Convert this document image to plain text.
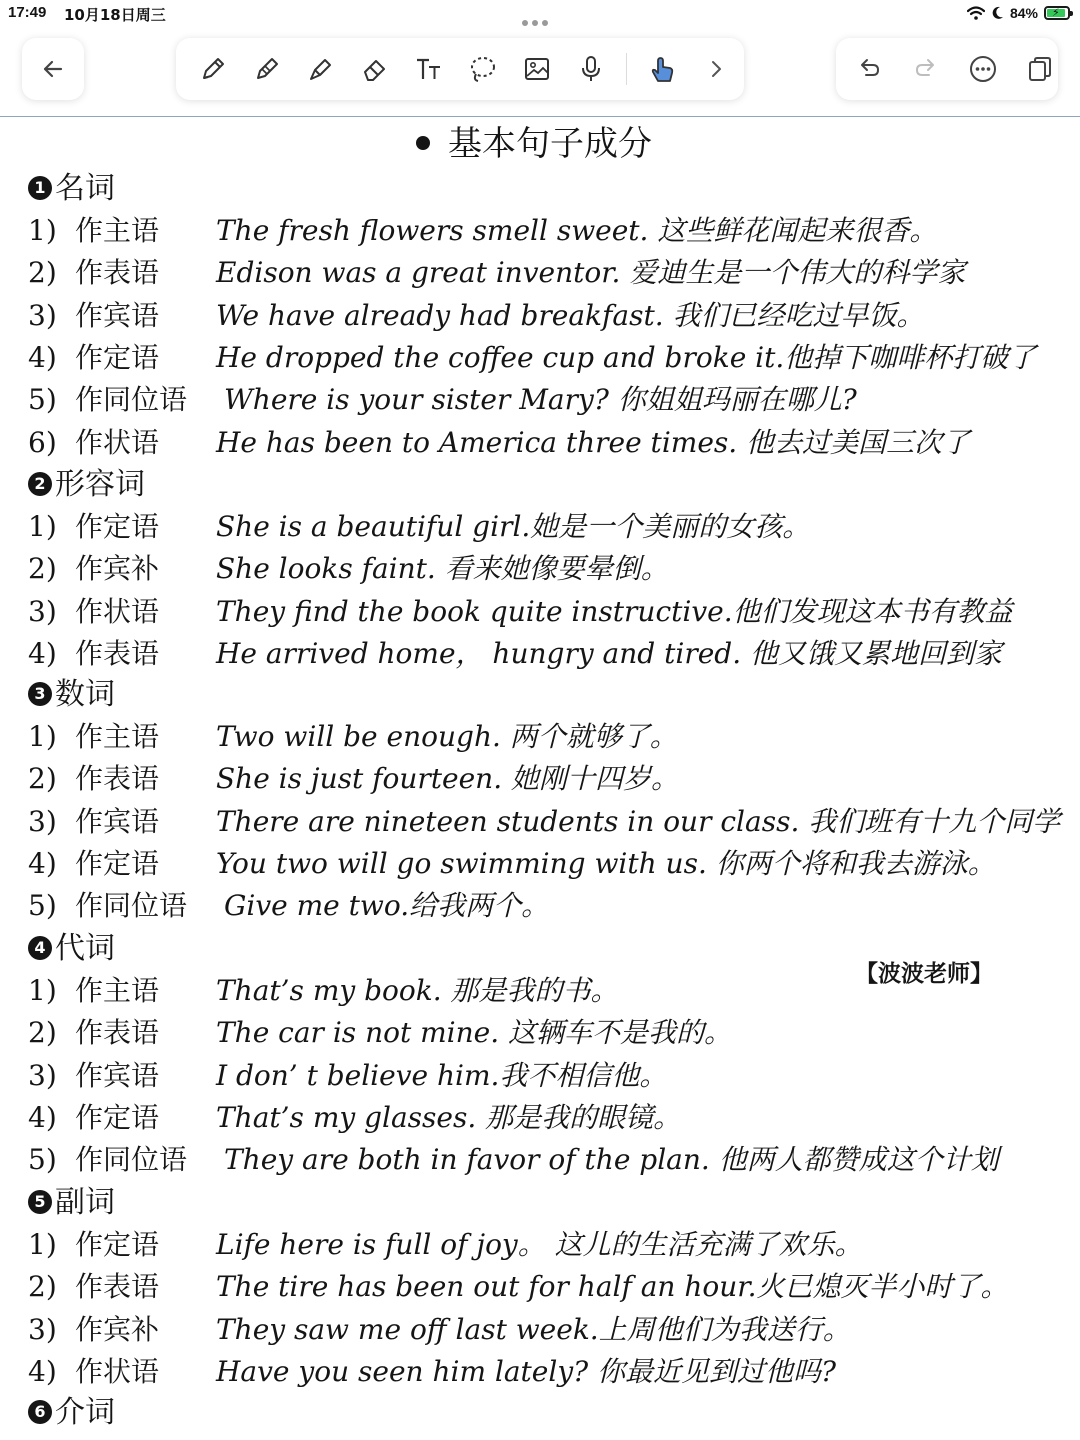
17:49 10月18日周三	84% ⚡
基本句子成分
【波波老师】
1 名词
1) 作主语 The fresh flowers smell sweet. 这些鲜花闻起来很香。
2) 作表语 Edison was a great inventor. 爱迪生是一个伟大的科学家
3) 作宾语 We have already had breakfast. 我们已经吃过早饭。
4) 作定语 He dropped the coffee cup and broke it.他掉下咖啡杯打破了
5) 作同位语 Where is your sister Mary? 你姐姐玛丽在哪儿?
6) 作状语 He has been to America three times. 他去过美国三次了
2 形容词
1) 作定语 She is a beautiful girl.她是一个美丽的女孩。
2) 作宾补 She looks faint. 看来她像要晕倒。
3) 作状语 They find the book quite instructive.他们发现这本书有教益
4) 作表语 He arrived home， hungry and tired. 他又饿又累地回到家
3 数词
1) 作主语 Two will be enough. 两个就够了。
2) 作表语 She is just fourteen. 她刚十四岁。
3) 作宾语 There are nineteen students in our class. 我们班有十九个同学
4) 作定语 You two will go swimming with us. 你两个将和我去游泳。
5) 作同位语 Give me two.给我两个。
4 代词
1) 作主语 That’s my book. 那是我的书。
2) 作表语 The car is not mine. 这辆车不是我的。
3) 作宾语 I don’ t believe him.我不相信他。
4) 作定语 That’s my glasses. 那是我的眼镜。
5) 作同位语 They are both in favor of the plan. 他两人都赞成这个计划
5 副词
1) 作定语 Life here is full of joy。 这儿的生活充满了欢乐。
2) 作表语 The tire has been out for half an hour.火已熄灭半小时了。
3) 作宾补 They saw me off last week.上周他们为我送行。
4) 作状语 Have you seen him lately? 你最近见到过他吗?
6 介词
